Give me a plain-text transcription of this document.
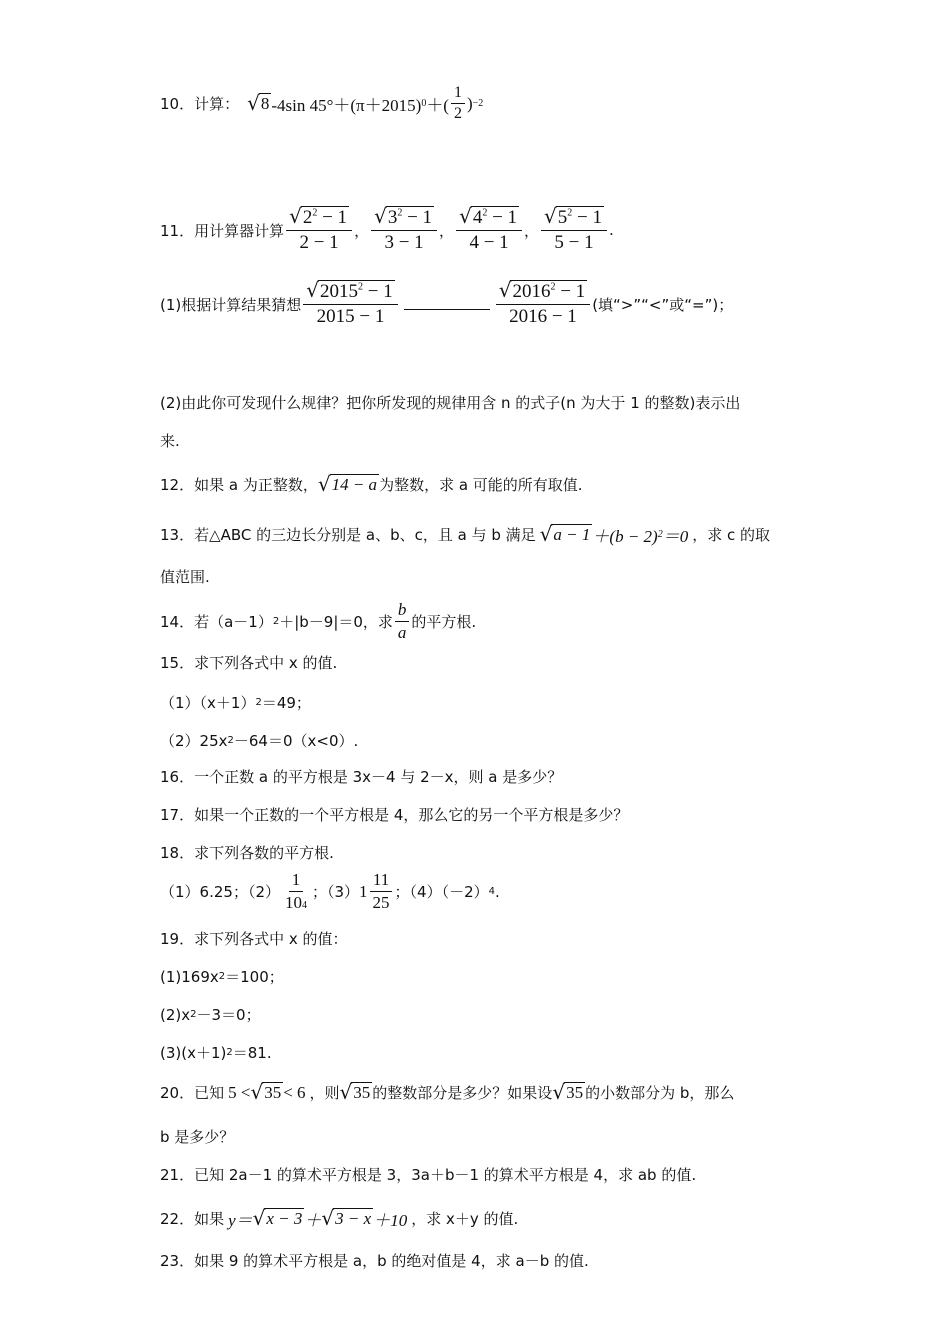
10．计算： √ 8 -4sin 45°＋(π＋2015) 0 ＋( $\frac{1}{2}$ ) −2
11．用计算器计算 $\frac{√ 2^2 - 1}{2 - 1}$ ， $\frac{√ 3^2 - 1}{3 - 1}$ ， $\frac{√ 4^2 - 1}{4 - 1}$ ， $\frac{√ 5^2 - 1}{5 - 1}$ .
(1)根据计算结果猜想 $\frac{√ 2015^2 - 1}{2015 - 1}$	$\frac{√ 2016^2 - 1}{2016 - 1}$ (填“>”“<”或“=”)；
(2)由此你可发现什么规律？把你所发现的规律用含 n 的式子(n 为大于 1 的整数)表示出
来.
12．如果 a 为正整数， √ 14 − a 为整数，求 a 可能的所有取值.
13．若△ABC 的三边长分别是 a、b、c，且 a 与 b 满足 √ a − 1 ＋(b − 2) 2 ＝0 ，求 c 的取
值范围.
14．若（a－1） 2 ＋|b－9|＝0，求 $\frac{b}{a}$ 的平方根.
15．求下列各式中 x 的值.
（1）（x＋1） 2 ＝49；
（2）25x 2 －64＝0（x<0）.
16．一个正数 a 的平方根是 3x－4 与 2－x，则 a 是多少？
17．如果一个正数的一个平方根是 4，那么它的另一个平方根是多少？
18．求下列各数的平方根.
（1）6.25；$(2) \frac{1}{104}$ ；（3） $1 \frac{11}{25}$ ；（4）（－2） 4 .
19．求下列各式中 x 的值：
(1)169x 2 ＝100；
(2)x 2 －3＝0；
(3)(x＋1) 2 ＝81.
20．已知 5 < √ 35 < 6 ，则 √ 35 的整数部分是多少？如果设 √ 35 的小数部分为 b，那么
b 是多少？
21．已知 2a－1 的算术平方根是 3，3a＋b－1 的算术平方根是 4，求 ab 的值.
22．如果 y＝ √ x − 3 ＋ √ 3 − x ＋10 ，求 x＋y 的值.
23．如果 9 的算术平方根是 a，b 的绝对值是 4，求 a－b 的值.
